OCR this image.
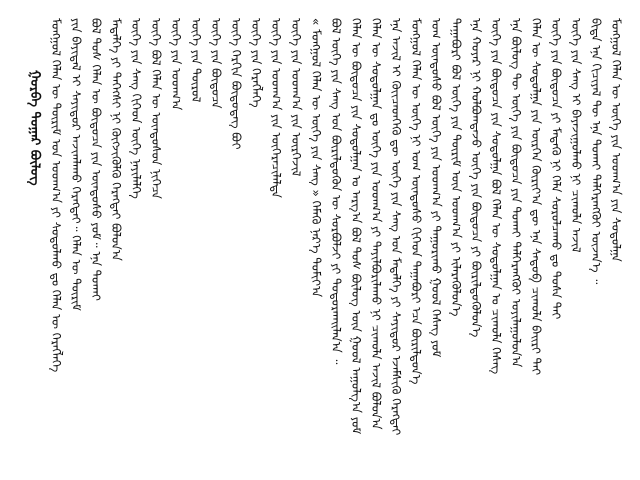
ᠭᠤᠷᠪᠠ ᠳᠤᠭᠠᠷ ᠪᠦᠯᠦᠭ ᠮᠣᠩᠭᠣᠯ ᠬᠡᠯᠡᠨ ᠦ ᠳᠦᠷᠢᠮ ᠤᠨ ᠤᠳᠬ᠎ᠠ ᠶᠢ ᠰᠣᠳᠤᠯᠬᠤ ᠳᠤ ᠬᠡᠯᠡᠨ ᠦ ᠬᠡᠷᠡᠭᠯᠡᠭᠡ ᠶᠢᠨ ᠪᠠᠶᠢᠳᠠᠯ ᠢ ᠰᠠᠶᠢᠲᠤᠷ ᠠᠵᠢᠭᠯᠠᠬᠤ ᠬᠡᠷᠡᠭᠲᠡᠶ᠃ ᠬᠡᠯᠡᠨ ᠦ ᠳᠦᠷᠢᠮ ᠪᠣᠯ ᠲᠤᠰ ᠬᠡᠯᠡᠨ ᠦ ᠪᠦᠲᠦᠴᠡ ᠶᠢᠨ ᠦᠨᠳᠦᠰᠦ ᠶᠤᠮ᠃ ᠡᠨᠡ ᠲᠤᠬᠠᠢ ᠮᠡᠳᠡᠯᠭᠡ ᠶᠢ ᠳᠡᠭᠡᠭᠰᠢ ᠨᠢ ᠬᠥᠭᠵᠢᠭᠦᠯᠬᠦ ᠬᠡᠷᠡᠭᠲᠡᠶ ᠪᠣᠯᠤᠨ᠎ᠠ ᠦᠭᠡ ᠶᠢᠨ ᠰᠠᠩ ᠬᠢᠭᠡᠳ ᠦᠭᠡ ᠨᠡᠶᠢᠯᠡᠯᠭᠡ ᠦᠭᠡ ᠪᠣᠯ ᠬᠡᠯᠡᠨ ᠦ ᠦᠨᠳᠦᠰᠦᠨ ᠨᠢᠭᠡᠴᠡ ᠦᠭᠡ ᠶᠢᠨ ᠤᠳᠬ᠎ᠠ ᠦᠭᠡ ᠶᠢᠨ ᠲᠥᠷᠥᠯ ᠦᠭᠡ ᠶᠢᠨ ᠪᠦᠲᠦᠴᠡ ᠦᠭᠡ ᠬᠡᠷᠬᠢᠨ ᠪᠦᠲᠦᠳᠡᠭ ᠪᠤᠢ ᠦᠭᠡ ᠶᠢᠨ ᠬᠡᠷᠡᠭᠯᠡᠭᠡ ᠦᠭᠡ ᠶᠢᠨ ᠤᠳᠬ᠎ᠠ ᠶᠢᠨ ᠥᠭᠡᠷᠡᠴᠢᠯᠡᠯᠲᠡ ᠦᠭᠡ ᠶᠢᠨ ᠤᠳᠬ᠎ᠠ ᠶᠢᠨ ᠥᠷᠭᠡᠵᠢᠯ « ᠮᠣᠩᠭᠣᠯ ᠬᠡᠯᠡᠨ ᠦ ᠦᠭᠡ ᠶᠢᠨ ᠰᠠᠩ » ᠬᠡᠮᠡᠬᠦ ᠨᠡᠷ᠎ᠡ ᠲᠣᠮᠢᠶ᠎ᠠ ᠪᠣᠯ ᠦᠭᠡ ᠶᠢᠨ ᠰᠠᠩ ᠤᠨ ᠪᠦᠷᠢᠯᠳᠦᠬᠦᠨ ᠦ ᠰᠤᠷᠪᠤᠯᠵᠢ ᠶᠢ ᠲᠣᠳᠤᠷᠬᠠᠢᠯᠠᠨ᠎ᠠ ᠃ ᠬᠡᠯᠡᠨ ᠦ ᠪᠦᠲᠦᠴᠡ ᠶᠢᠨ ᠰᠤᠳᠤᠯᠭᠠᠨ ᠤ ᠠᠷᠭ᠎ᠠ ᠪᠣᠯ ᠲᠤᠰ ᠪᠦᠯᠦᠭ ᠦᠨ ᠭᠣᠣᠯ ᠠᠭᠤᠯᠭ᠎ᠠ ᠶᠤᠮ ᠬᠡᠯᠡᠨ ᠦ ᠰᠤᠳᠤᠯᠭᠠᠨ ᠳᠤ ᠦᠭᠡ ᠶᠢᠨ ᠤᠳᠬ᠎ᠠ ᠶᠢ ᠲᠠᠶᠢᠯᠪᠤᠷᠢᠯᠠᠬᠤ ᠨᠢ ᠴᠢᠬᠤᠯᠠ ᠠᠵᠢᠯ ᠪᠣᠯᠤᠨ᠎ᠠ ᠡᠨᠡ ᠠᠵᠢᠯ ᠢ ᠭᠦᠢᠴᠡᠳᠭᠡᠬᠦ ᠳᠦ ᠦᠭᠡ ᠶᠢᠨ ᠰᠠᠩ ᠤᠨ ᠮᠡᠳᠡᠯᠭᠡ ᠶᠢ ᠰᠠᠶᠢᠲᠤᠷ ᠡᠵᠡᠮᠰᠢᠬᠦ ᠬᠡᠷᠡᠭᠲᠡᠶ ᠮᠣᠩᠭᠣᠯ ᠬᠡᠯᠡᠨ ᠦ ᠦᠭᠡ ᠨᠢ ᠤᠭ ᠦᠨᠳᠦᠰᠦ ᠬᠢᠭᠡᠳ ᠳᠠᠭᠠᠪᠤᠷᠢ ᠡᠴᠡ ᠪᠦᠷᠢᠯᠳᠦᠨ᠎ᠡ ᠤᠭ ᠦᠨᠳᠦᠰᠦ ᠪᠣᠯ ᠦᠭᠡ ᠶᠢᠨ ᠤᠳᠬ᠎ᠠ ᠶᠢ ᠲᠠᠭᠤᠷᠢᠬᠤ ᠭᠣᠣᠯ ᠬᠡᠰᠡᠭ ᠶᠤᠮ ᠳᠠᠭᠠᠪᠤᠷᠢ ᠪᠣᠯ ᠦᠭᠡ ᠶᠢᠨ ᠳᠦᠷᠢᠮ ᠦᠨ ᠤᠳᠬ᠎ᠠ ᠶᠢ ᠢᠯᠡᠷᠡᠭᠦᠯᠦᠨ᠎ᠡ ᠡᠨᠡ ᠬᠣᠶᠠᠷ ᠨᠢ ᠬᠣᠯᠪᠣᠭᠳᠠᠵᠤ ᠦᠭᠡ ᠶᠢᠨ ᠪᠦᠲᠦᠴᠡ ᠶᠢ ᠪᠦᠷᠢᠯᠳᠦᠭᠦᠯᠦᠨ᠎ᠡ ᠦᠭᠡ ᠶᠢᠨ ᠪᠦᠲᠦᠴᠡ ᠶᠢᠨ ᠰᠤᠳᠤᠯᠭᠠ ᠪᠣᠯ ᠬᠡᠯᠡᠨ ᠦ ᠰᠤᠳᠤᠯᠭᠠᠨ ᠤ ᠴᠢᠬᠤᠯᠠ ᠬᠡᠰᠡᠭ ᠡᠨᠡ ᠪᠦᠯᠦᠭ ᠲᠦ ᠦᠭᠡ ᠶᠢᠨ ᠪᠦᠲᠦᠴᠡ ᠶᠢᠨ ᠲᠤᠬᠠᠢ ᠳᠡᠯᠭᠡᠷᠡᠩᠭᠦᠢ ᠣᠶᠢᠯᠠᠭᠤᠯᠤᠨ᠎ᠠ ᠬᠡᠯᠡᠨ ᠦ ᠰᠤᠳᠤᠯᠭᠠ ᠶᠢᠨ ᠥᠷᠭᠡᠨ ᠬᠦᠷᠢᠶ᠎ᠡᠨ ᠳᠦ ᠡᠨᠡ ᠰᠡᠳᠦᠪ ᠴᠢᠬᠤᠯᠠ ᠪᠠᠢᠷᠢ ᠲᠠᠢ ᠦᠭᠡ ᠶᠢᠨ ᠪᠦᠲᠦᠴᠡ ᠶᠢ ᠮᠡᠳᠡᠬᠦ ᠨᠢ ᠬᠡᠯᠡ ᠰᠤᠷᠤᠯᠴᠠᠬᠤ ᠳᠤ ᠲᠤᠰᠠ ᠲᠠᠢ ᠦᠭᠡ ᠶᠢᠨ ᠰᠠᠩ ᠢ ᠪᠠᠶᠠᠵᠢᠭᠤᠯᠬᠤ ᠨᠢ ᠴᠢᠬᠤᠯᠠ ᠠᠵᠢᠯ ᠪᠢᠳᠡ ᠡᠨᠡ ᠬᠢᠴᠢᠶᠡᠯ ᠲᠦ ᠡᠨᠡ ᠲᠤᠬᠠᠢ ᠳᠡᠯᠭᠡᠷᠡᠩᠭᠦᠢ ᠦᠵᠡᠨ᠎ᠡ ᠃ ᠮᠣᠩᠭᠣᠯ ᠬᠡᠯᠡᠨ ᠦ ᠦᠭᠡ ᠶᠢᠨ ᠤᠳᠬ᠎ᠠ ᠶᠢᠨ ᠰᠤᠳᠤᠯᠭᠠ
